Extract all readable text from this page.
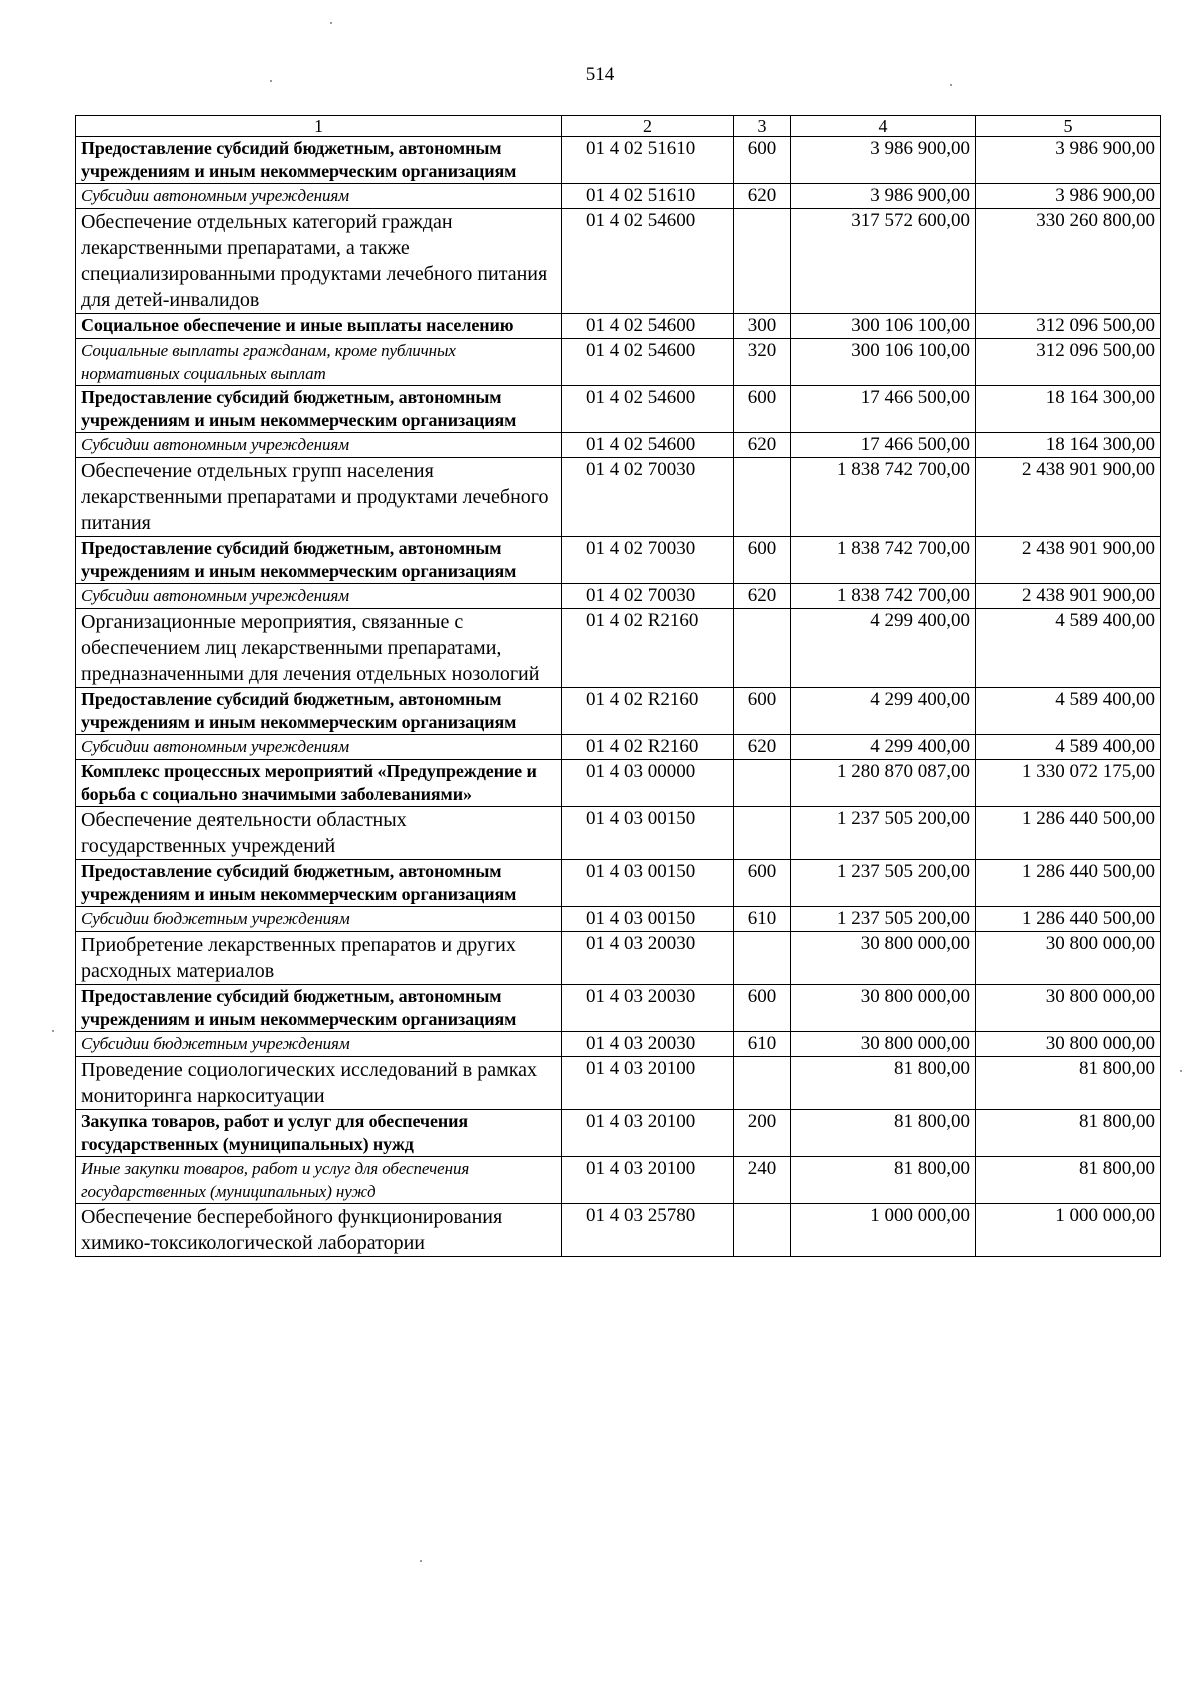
514
1	2	3	4	5
Предоставление субсидий бюджетным, автономным учреждениям и иным некоммерческим организациям	01 4 02 51610	600	3 986 900,00	3 986 900,00
Субсидии автономным учреждениям	01 4 02 51610	620	3 986 900,00	3 986 900,00
Обеспечение отдельных категорий граждан лекарственными препаратами, а также специализированными продуктами лечебного питания для детей-инвалидов	01 4 02 54600		317 572 600,00	330 260 800,00
Социальное обеспечение и иные выплаты населению	01 4 02 54600	300	300 106 100,00	312 096 500,00
Социальные выплаты гражданам, кроме публичных нормативных социальных выплат	01 4 02 54600	320	300 106 100,00	312 096 500,00
Предоставление субсидий бюджетным, автономным учреждениям и иным некоммерческим организациям	01 4 02 54600	600	17 466 500,00	18 164 300,00
Субсидии автономным учреждениям	01 4 02 54600	620	17 466 500,00	18 164 300,00
Обеспечение отдельных групп населения лекарственными препаратами и продуктами лечебного питания	01 4 02 70030		1 838 742 700,00	2 438 901 900,00
Предоставление субсидий бюджетным, автономным учреждениям и иным некоммерческим организациям	01 4 02 70030	600	1 838 742 700,00	2 438 901 900,00
Субсидии автономным учреждениям	01 4 02 70030	620	1 838 742 700,00	2 438 901 900,00
Организационные мероприятия, связанные с обеспечением лиц лекарственными препаратами, предназначенными для лечения отдельных нозологий	01 4 02 R2160		4 299 400,00	4 589 400,00
Предоставление субсидий бюджетным, автономным учреждениям и иным некоммерческим организациям	01 4 02 R2160	600	4 299 400,00	4 589 400,00
Субсидии автономным учреждениям	01 4 02 R2160	620	4 299 400,00	4 589 400,00
Комплекс процессных мероприятий «Предупреждение и борьба с социально значимыми заболеваниями»	01 4 03 00000		1 280 870 087,00	1 330 072 175,00
Обеспечение деятельности областных государственных учреждений	01 4 03 00150		1 237 505 200,00	1 286 440 500,00
Предоставление субсидий бюджетным, автономным учреждениям и иным некоммерческим организациям	01 4 03 00150	600	1 237 505 200,00	1 286 440 500,00
Субсидии бюджетным учреждениям	01 4 03 00150	610	1 237 505 200,00	1 286 440 500,00
Приобретение лекарственных препаратов и других расходных материалов	01 4 03 20030		30 800 000,00	30 800 000,00
Предоставление субсидий бюджетным, автономным учреждениям и иным некоммерческим организациям	01 4 03 20030	600	30 800 000,00	30 800 000,00
Субсидии бюджетным учреждениям	01 4 03 20030	610	30 800 000,00	30 800 000,00
Проведение социологических исследований в рамках мониторинга наркоситуации	01 4 03 20100		81 800,00	81 800,00
Закупка товаров, работ и услуг для обеспечения государственных (муниципальных) нужд	01 4 03 20100	200	81 800,00	81 800,00
Иные закупки товаров, работ и услуг для обеспечения государственных (муниципальных) нужд	01 4 03 20100	240	81 800,00	81 800,00
Обеспечение бесперебойного функционирования химико-токсикологической лаборатории	01 4 03 25780		1 000 000,00	1 000 000,00
